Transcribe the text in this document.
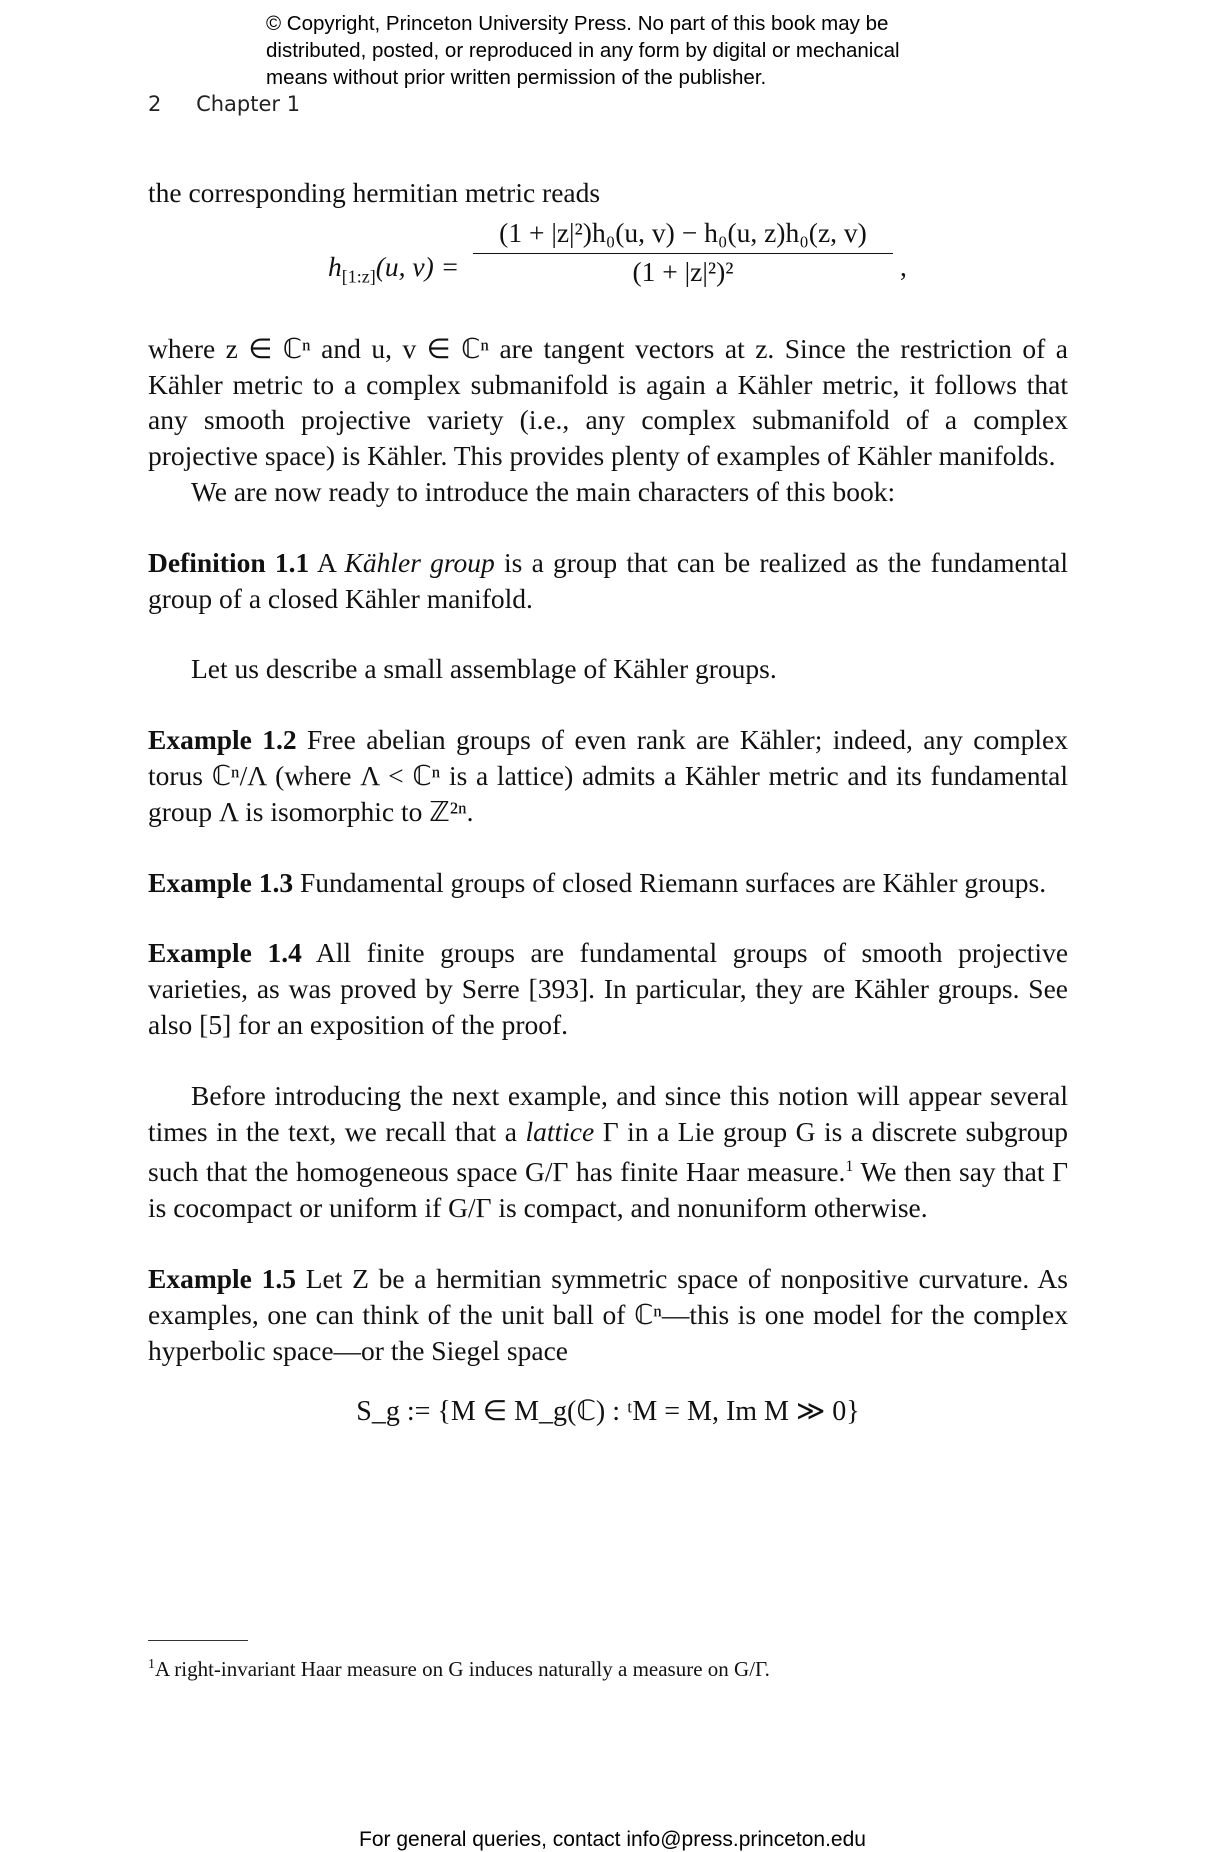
© Copyright, Princeton University Press. No part of this book may be
distributed, posted, or reproduced in any form by digital or mechanical
means without prior written permission of the publisher.
2 Chapter 1

the corresponding hermitian metric reads

$h_{[1:z]}(u$, $v) = \frac{\text{(1 + |z|²)h₀(u, v) − h₀(u, z)h₀(z, v)}}{\text{(1 + |z|²)²}}$ ,

where z ∈ ℂⁿ and u, v ∈ ℂⁿ are tangent vectors at z. Since the restriction of a Kähler metric to a complex submanifold is again a Kähler metric, it follows that any smooth projective variety (i.e., any complex submanifold of a complex projective space) is Kähler. This provides plenty of examples of Kähler manifolds.

We are now ready to introduce the main characters of this book:

Definition 1.1 A Kähler group is a group that can be realized as the fundamental group of a closed Kähler manifold.

Let us describe a small assemblage of Kähler groups.

Example 1.2 Free abelian groups of even rank are Kähler; indeed, any complex torus ℂⁿ/Λ (where Λ < ℂⁿ is a lattice) admits a Kähler metric and its fundamental group Λ is isomorphic to ℤ²ⁿ.

Example 1.3 Fundamental groups of closed Riemann surfaces are Kähler groups.

Example 1.4 All finite groups are fundamental groups of smooth projective varieties, as was proved by Serre [393]. In particular, they are Kähler groups. See also [5] for an exposition of the proof.

Before introducing the next example, and since this notion will appear several times in the text, we recall that a lattice Γ in a Lie group G is a discrete subgroup such that the homogeneous space G/Γ has finite Haar measure.$^1$ We then say that Γ is cocompact or uniform if G/Γ is compact, and nonuniform otherwise.

Example 1.5 Let Z be a hermitian symmetric space of nonpositive curvature. As examples, one can think of the unit ball of ℂⁿ—this is one model for the complex hyperbolic space—or the Siegel space

S_g := {M ∈ M_g(ℂ) : ᵗM = M, Im M ≫ 0}
$^1$A right-invariant Haar measure on G induces naturally a measure on G/Γ.
For general queries, contact info@press.princeton.edu
